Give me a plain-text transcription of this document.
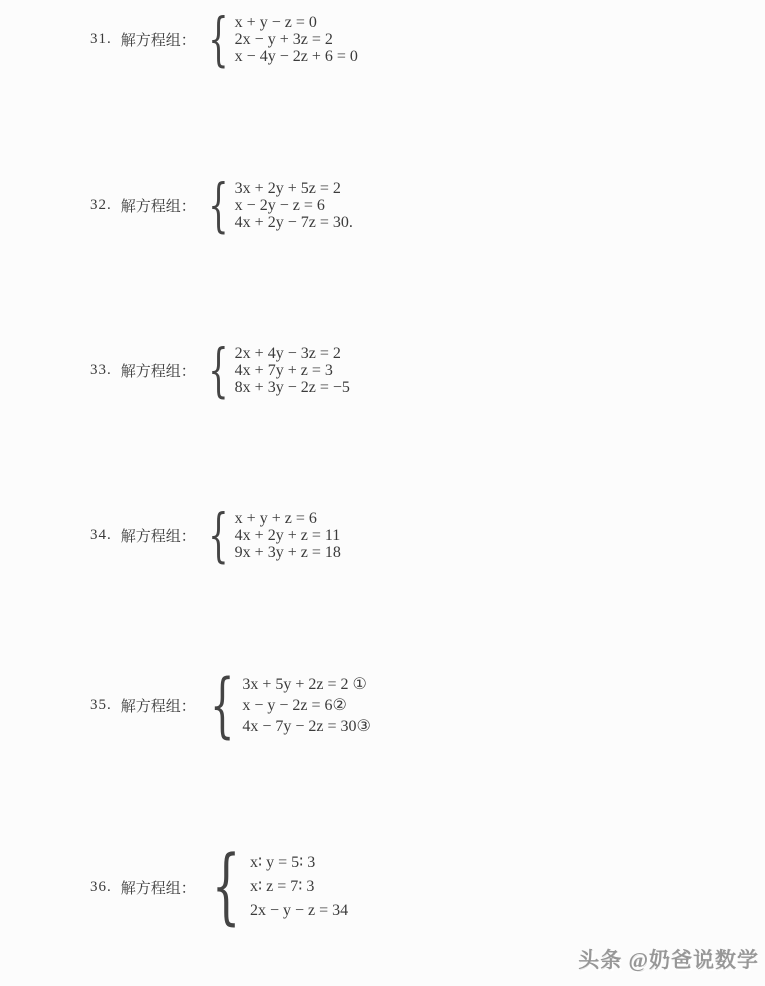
31. 解方程组： { x + y − z = 0
2x − y + 3z = 2
x − 4y − 2z + 6 = 0
32. 解方程组： { 3x + 2y + 5z = 2
x − 2y − z = 6
4x + 2y − 7z = 30.
33. 解方程组： { 2x + 4y − 3z = 2
4x + 7y + z = 3
8x + 3y − 2z = −5
34. 解方程组： { x + y + z = 6
4x + 2y + z = 11
9x + 3y + z = 18
35. 解方程组： { 3x + 5y + 2z = 2 ①
x − y − 2z = 6②
4x − 7y − 2z = 30③
36. 解方程组： { x∶ y = 5∶ 3
x∶ z = 7∶ 3
2x − y − z = 34
头条 @奶爸说数学
